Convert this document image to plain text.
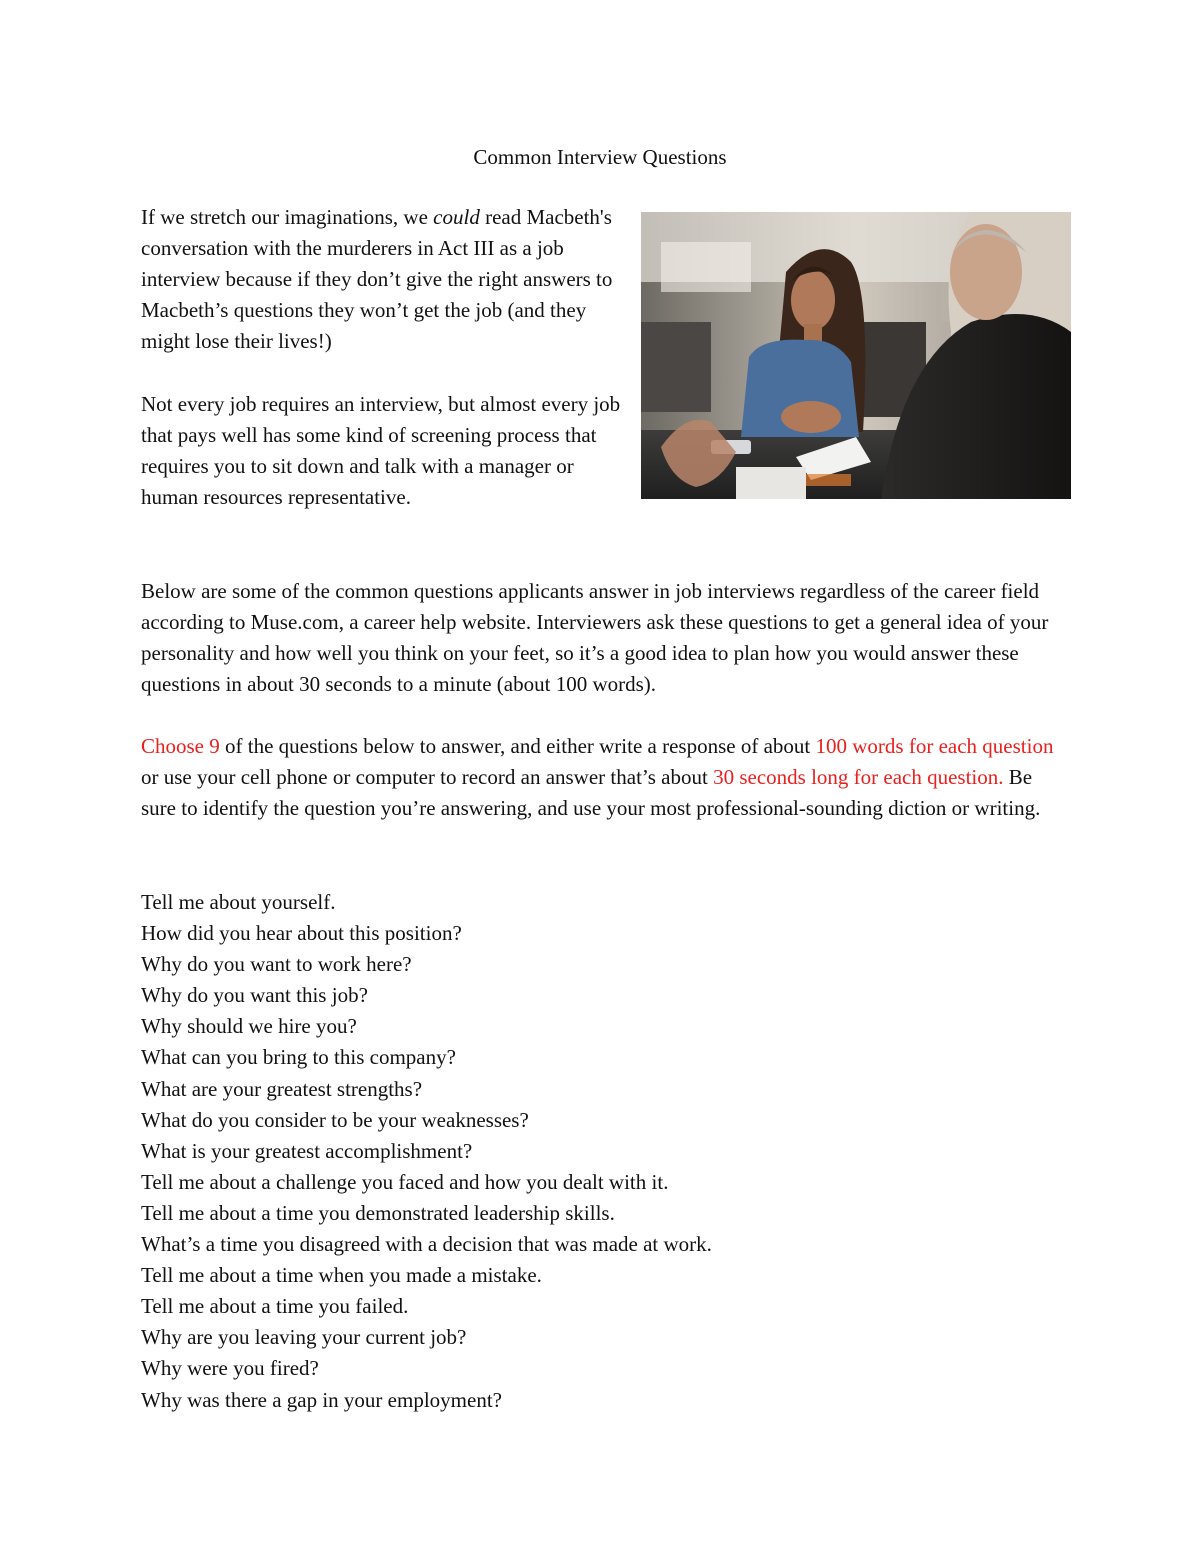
Common Interview Questions

If we stretch our imaginations, we could read Macbeth's conversation with the murderers in Act III as a job interview because if they don’t give the right answers to Macbeth’s questions they won’t get the job (and they might lose their lives!)

Not every job requires an interview, but almost every job that pays well has some kind of screening process that requires you to sit down and talk with a manager or human resources representative.

Below are some of the common questions applicants answer in job interviews regardless of the career field according to Muse.com, a career help website. Interviewers ask these questions to get a general idea of your personality and how well you think on your feet, so it’s a good idea to plan how you would answer these questions in about 30 seconds to a minute (about 100 words).

Choose 9 of the questions below to answer, and either write a response of about 100 words for each question or use your cell phone or computer to record an answer that’s about 30 seconds long for each question. Be sure to identify the question you’re answering, and use your most professional-sounding diction or writing.

Tell me about yourself.
How did you hear about this position?
Why do you want to work here?
Why do you want this job?
Why should we hire you?
What can you bring to this company?
What are your greatest strengths?
What do you consider to be your weaknesses?
What is your greatest accomplishment?
Tell me about a challenge you faced and how you dealt with it.
Tell me about a time you demonstrated leadership skills.
What’s a time you disagreed with a decision that was made at work.
Tell me about a time when you made a mistake.
Tell me about a time you failed.
Why are you leaving your current job?
Why were you fired?
Why was there a gap in your employment?
